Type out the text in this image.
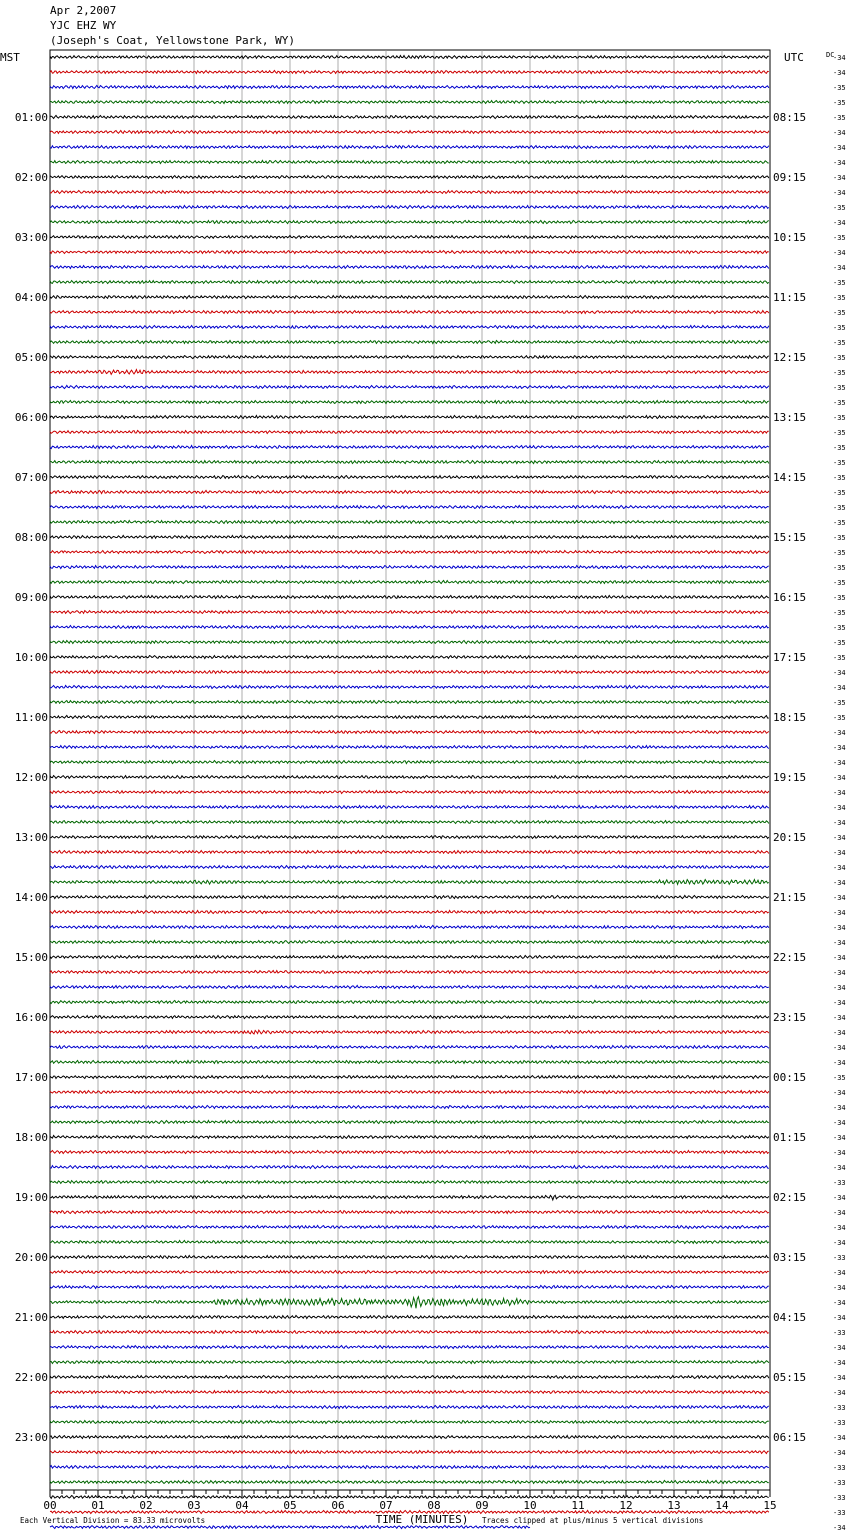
Apr 2,2007
YJC EHZ WY
(Joseph's Coat, Yellowstone Park, WY)
-34
-34
-35
-35
-35
-34
-34
-34
-34
-34
-35
-34
-35
-34
-34
-35
-35
-35
-35
-35
-35
-35
-35
-35
-35
-35
-35
-35
-35
-35
-35
-35
-35
-35
-35
-35
-35
-35
-35
-35
-35
-34
-34
-35
-35
-34
-34
-34
-34
-34
-34
-34
-34
-34
-34
-34
-34
-34
-34
-34
-34
-34
-34
-34
-34
-34
-34
-34
-35
-34
-34
-34
-34
-34
-34
-33
-34
-34
-34
-34
-33
-34
-34
-34
-34
-33
-34
-34
-34
-34
-33
-33
-34
-34
-33
-33
-33
-33
-34
DC
MST	UTC
01:00
02:00
03:00
04:00
05:00
06:00
07:00
08:00
09:00
10:00
11:00
12:00
13:00
14:00
15:00
16:00
17:00
18:00
19:00
20:00
21:00
22:00
23:00
08:15
09:15
10:15
11:15
12:15
13:15
14:15
15:15
16:15
17:15
18:15
19:15
20:15
21:15
22:15
23:15
00:15
01:15
02:15
03:15
04:15
05:15
06:15
00	01	02	03	04	05	06	07	08	09	10	11	12	13	14	15
TIME (MINUTES)
Each Vertical Division = 83.33 microvolts	Traces clipped at plus/minus 5 vertical divisions
